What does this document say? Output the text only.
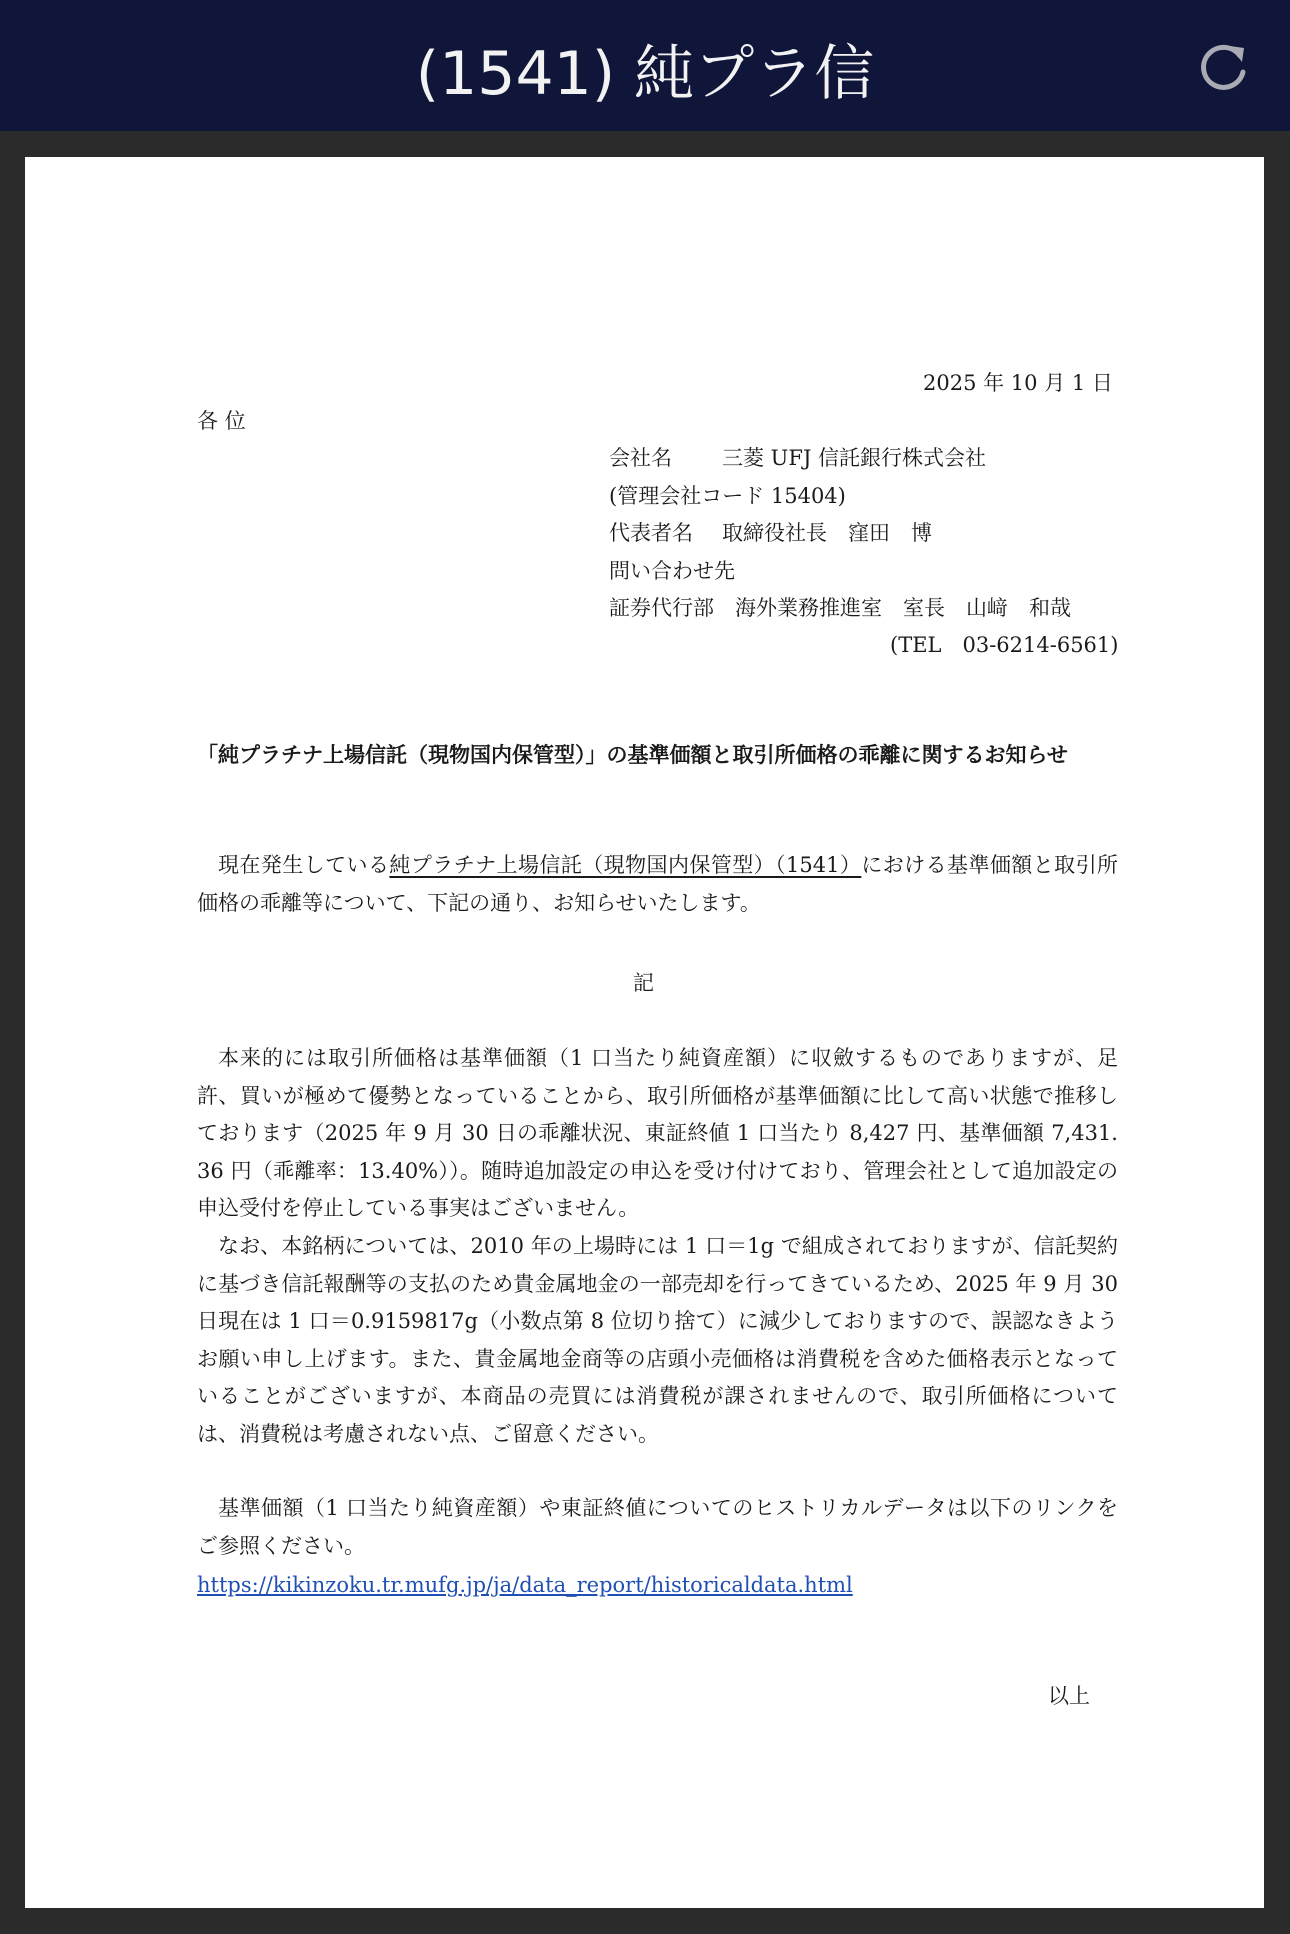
(1541) 純プラ信
2025 年 10 月 1 日
各 位
会社名 三菱 UFJ 信託銀行株式会社
(管理会社コード 15404)
代表者名 取締役社長　窪田　博
問い合わせ先
証券代行部　海外業務推進室　室長　山﨑　和哉
(TEL　03-6214-6561)
「純プラチナ上場信託（現物国内保管型）」の基準価額と取引所価格の乖離に関するお知らせ
現在発生している純プラチナ上場信託（現物国内保管型）（1541）における基準価額と取引所価格の乖離等について、下記の通り、お知らせいたします。
記
本来的には取引所価格は基準価額（1 口当たり純資産額）に収斂するものでありますが、足許、買いが極めて優勢となっていることから、取引所価格が基準価額に比して高い状態で推移しております（2025 年 9 月 30 日の乖離状況、東証終値 1 口当たり 8,427 円、基準価額 7,431.36 円（乖離率：13.40%））。随時追加設定の申込を受け付けており、管理会社として追加設定の申込受付を停止している事実はございません。
なお、本銘柄については、2010 年の上場時には 1 口＝1g で組成されておりますが、信託契約に基づき信託報酬等の支払のため貴金属地金の一部売却を行ってきているため、2025 年 9 月 30 日現在は 1 口＝0.9159817g（小数点第 8 位切り捨て）に減少しておりますので、誤認なきようお願い申し上げます。また、貴金属地金商等の店頭小売価格は消費税を含めた価格表示となっていることがございますが、本商品の売買には消費税が課されませんので、取引所価格については、消費税は考慮されない点、ご留意ください。
基準価額（1 口当たり純資産額）や東証終値についてのヒストリカルデータは以下のリンクをご参照ください。
https://kikinzoku.tr.mufg.jp/ja/data_report/historicaldata.html
以上
